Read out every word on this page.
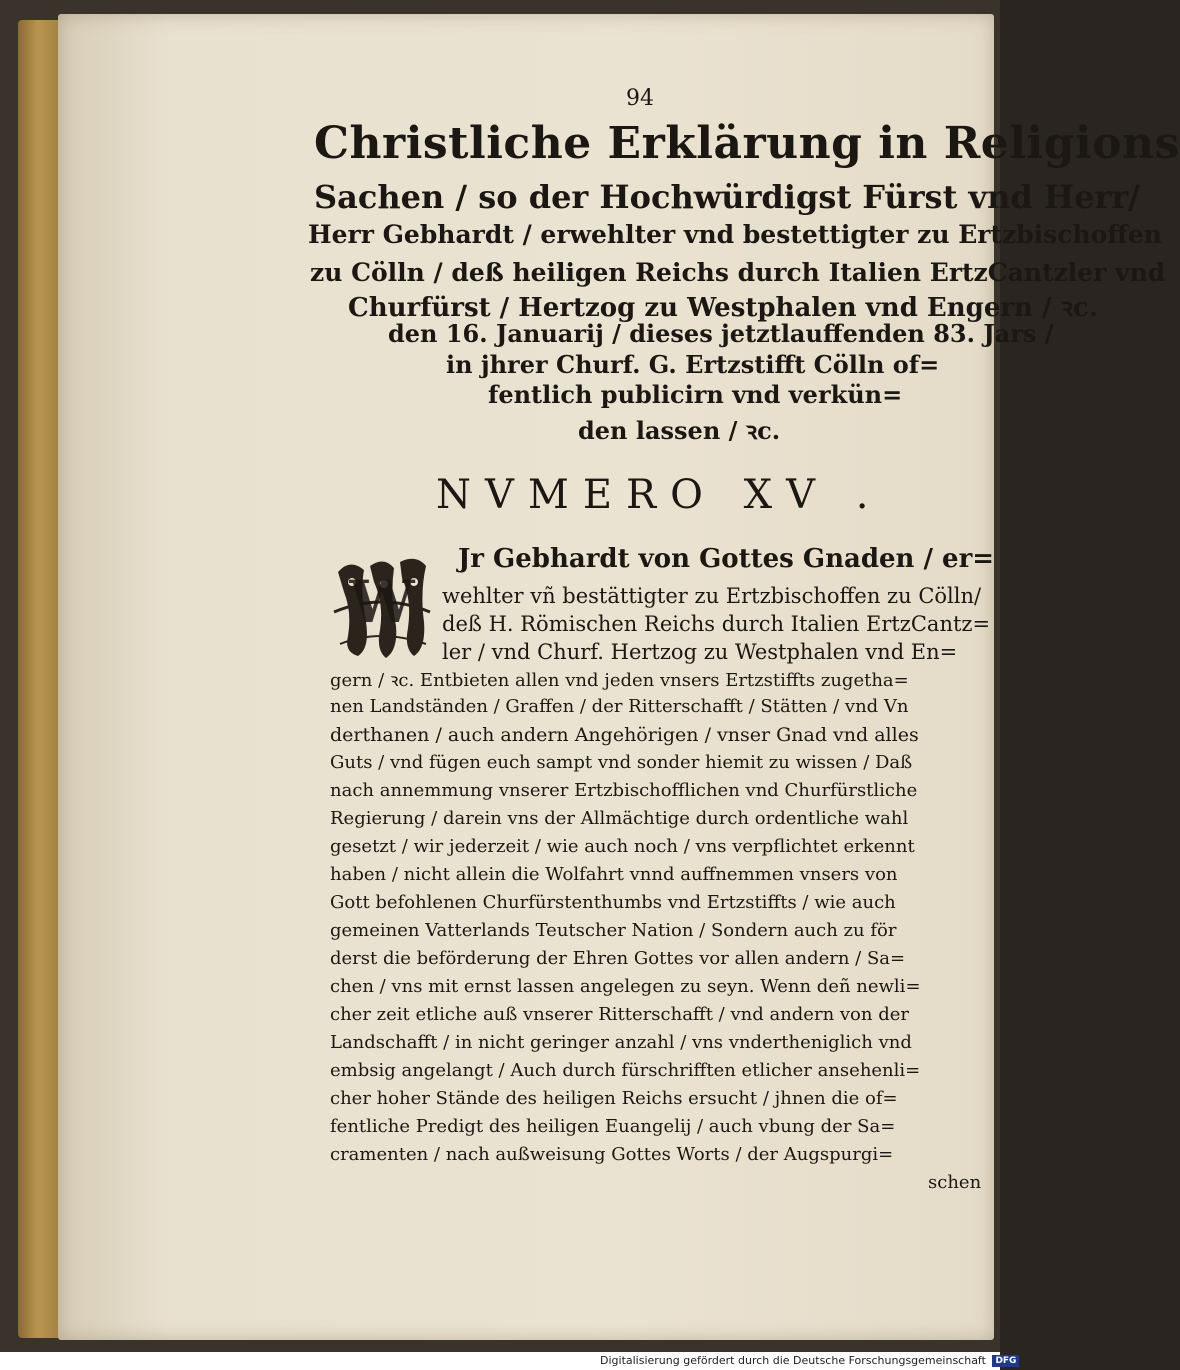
94
Christliche Erklärung in Religions
Sachen / so der Hochwürdigst Fürst vnd Herr/
Herr Gebhardt / erwehlter vnd bestettigter zu Ertzbischoffen
zu Cölln / deß heiligen Reichs durch Italien ErtzCantzler vnd
Churfürst / Hertzog zu Westphalen vnd Engern / ꝛc.
den 16. Januarij / dieses jetztlauffenden 83. Jars /
in jhrer Churf. G. Ertzstifft Cölln of=
fentlich publicirn vnd verkün=
den lassen / ꝛc.
NVMERO XV .
W
Jr Gebhardt von Gottes Gnaden / er=
wehlter vñ bestättigter zu Ertzbischoffen zu Cölln/
deß H. Römischen Reichs durch Italien ErtzCantz=
ler / vnd Churf. Hertzog zu Westphalen vnd En=
gern / ꝛc. Entbieten allen vnd jeden vnsers Ertzstiffts zugetha=
nen Landständen / Graffen / der Ritterschafft / Stätten / vnd Vn
derthanen / auch andern Angehörigen / vnser Gnad vnd alles
Guts / vnd fügen euch sampt vnd sonder hiemit zu wissen / Daß
nach annemmung vnserer Ertzbischofflichen vnd Churfürstliche
Regierung / darein vns der Allmächtige durch ordentliche wahl
gesetzt / wir jederzeit / wie auch noch / vns verpflichtet erkennt
haben / nicht allein die Wolfahrt vnnd auffnemmen vnsers von
Gott befohlenen Churfürstenthumbs vnd Ertzstiffts / wie auch
gemeinen Vatterlands Teutscher Nation / Sondern auch zu för
derst die beförderung der Ehren Gottes vor allen andern / Sa=
chen / vns mit ernst lassen angelegen zu seyn. Wenn deñ newli=
cher zeit etliche auß vnserer Ritterschafft / vnd andern von der
Landschafft / in nicht geringer anzahl / vns vndertheniglich vnd
embsig angelangt / Auch durch fürschrifften etlicher ansehenli=
cher hoher Stände des heiligen Reichs ersucht / jhnen die of=
fentliche Predigt des heiligen Euangelij / auch vbung der Sa=
cramenten / nach außweisung Gottes Worts / der Augspurgi=
schen
Digitalisierung gefördert durch die Deutsche Forschungsgemeinschaft DFG
